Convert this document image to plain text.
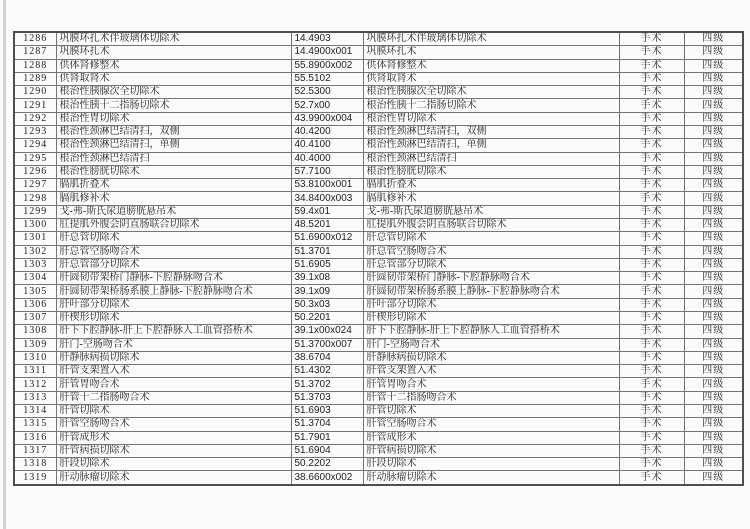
1286	巩膜环扎术伴玻璃体切除术	14.4903	巩膜环扎术伴玻璃体切除术	手术	四级
1287	巩膜环扎术	14.4900x001	巩膜环扎术	手术	四级
1288	供体肾修整术	55.8900x002	供体肾修整术	手术	四级
1289	供肾取肾术	55.5102	供肾取肾术	手术	四级
1290	根治性胰腺次全切除术	52.5300	根治性胰腺次全切除术	手术	四级
1291	根治性胰十二指肠切除术	52.7x00	根治性胰十二指肠切除术	手术	四级
1292	根治性胃切除术	43.9900x004	根治性胃切除术	手术	四级
1293	根治性颈淋巴结清扫，双侧	40.4200	根治性颈淋巴结清扫，双侧	手术	四级
1294	根治性颈淋巴结清扫，单侧	40.4100	根治性颈淋巴结清扫，单侧	手术	四级
1295	根治性颈淋巴结清扫	40.4000	根治性颈淋巴结清扫	手术	四级
1296	根治性膀胱切除术	57.7100	根治性膀胱切除术	手术	四级
1297	膈肌折叠术	53.8100x001	膈肌折叠术	手术	四级
1298	膈肌修补术	34.8400x003	膈肌修补术	手术	四级
1299	戈-弗-斯氏尿道膀胱悬吊术	59.4x01	戈-弗-斯氏尿道膀胱悬吊术	手术	四级
1300	肛提肌外腹会阴直肠联合切除术	48.5201	肛提肌外腹会阴直肠联合切除术	手术	四级
1301	肝总管切除术	51.6900x012	肝总管切除术	手术	四级
1302	肝总管空肠吻合术	51.3701	肝总管空肠吻合术	手术	四级
1303	肝总管部分切除术	51.6905	肝总管部分切除术	手术	四级
1304	肝圆韧带架桥门静脉-下腔静脉吻合术	39.1x08	肝圆韧带架桥门静脉-下腔静脉吻合术	手术	四级
1305	肝圆韧带架桥肠系膜上静脉-下腔静脉吻合术	39.1x09	肝圆韧带架桥肠系膜上静脉-下腔静脉吻合术	手术	四级
1306	肝叶部分切除术	50.3x03	肝叶部分切除术	手术	四级
1307	肝楔形切除术	50.2201	肝楔形切除术	手术	四级
1308	肝下下腔静脉-肝上下腔静脉人工血管搭桥术	39.1x00x024	肝下下腔静脉-肝上下腔静脉人工血管搭桥术	手术	四级
1309	肝门-空肠吻合术	51.3700x007	肝门-空肠吻合术	手术	四级
1310	肝静脉病损切除术	38.6704	肝静脉病损切除术	手术	四级
1311	肝管支架置入术	51.4302	肝管支架置入术	手术	四级
1312	肝管胃吻合术	51.3702	肝管胃吻合术	手术	四级
1313	肝管十二指肠吻合术	51.3703	肝管十二指肠吻合术	手术	四级
1314	肝管切除术	51.6903	肝管切除术	手术	四级
1315	肝管空肠吻合术	51.3704	肝管空肠吻合术	手术	四级
1316	肝管成形术	51.7901	肝管成形术	手术	四级
1317	肝管病损切除术	51.6904	肝管病损切除术	手术	四级
1318	肝段切除术	50.2202	肝段切除术	手术	四级
1319	肝动脉瘤切除术	38.6600x002	肝动脉瘤切除术	手术	四级
